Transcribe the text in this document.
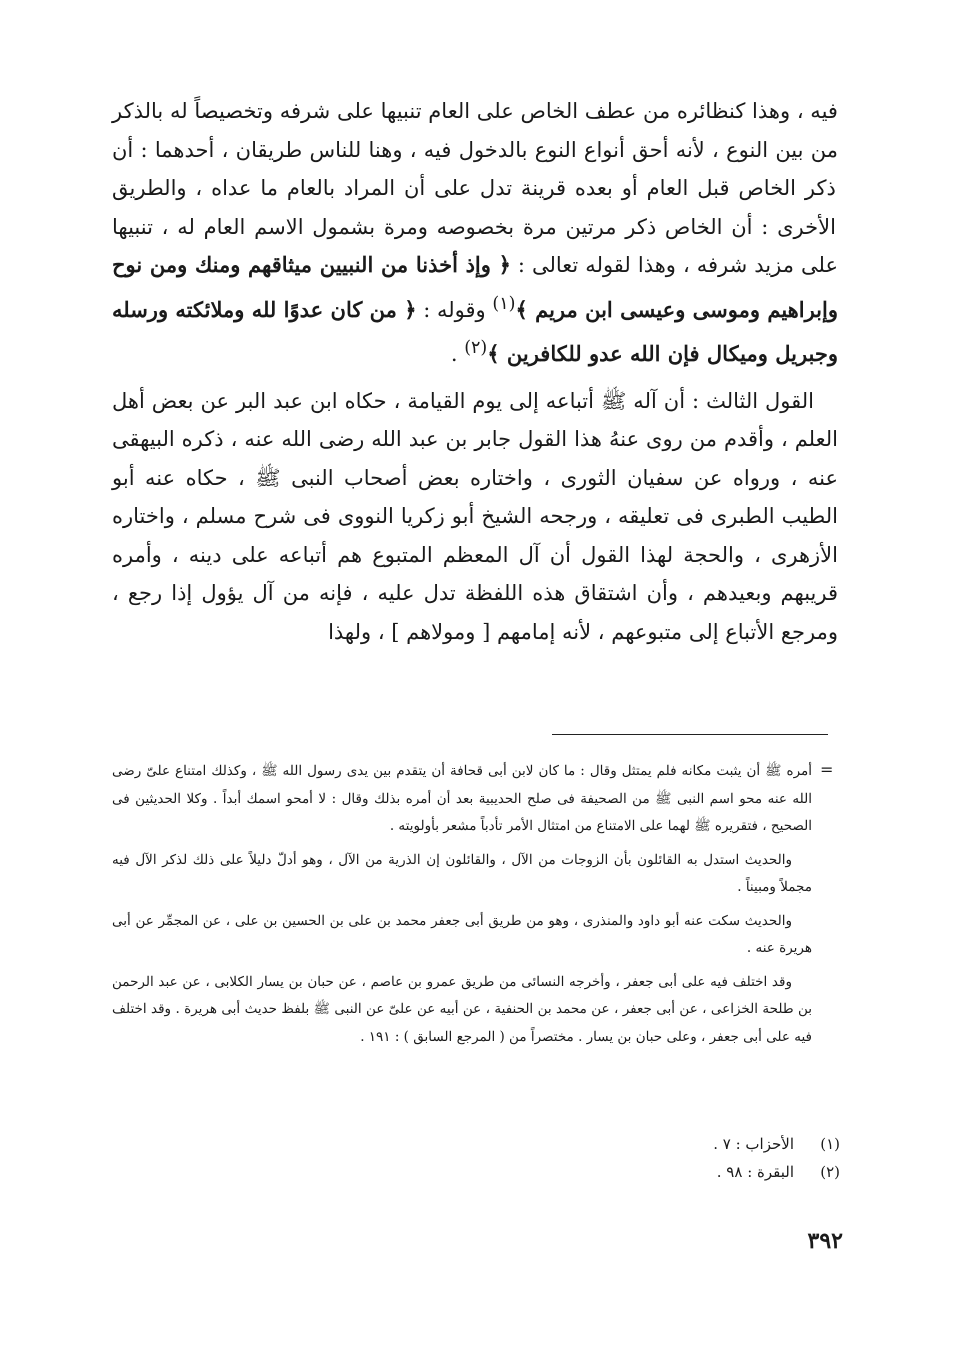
فيه ، وهذا كنظائره من عطف الخاص على العام تنبيها على شرفه وتخصيصاً له بالذكر من بين النوع ، لأنه أحق أنواع النوع بالدخول فيه ، وهنا للناس طريقان ، أحدهما : أن ذكر الخاص قبل العام أو بعده قرينة تدل على أن المراد بالعام ما عداه ، والطريق الأخرى : أن الخاص ذكر مرتين مرة بخصوصه ومرة بشمول الاسم العام له ، تنبيها على مزيد شرفه ، وهذا لقوله تعالى : ﴿ وإذ أخذنا من النبيين ميثاقهم ومنك ومن نوح وإبراهيم وموسى وعيسى ابن مريم ﴾$^{(١)}$ وقوله : ﴿ من كان عدوًا لله وملائكته ورسله وجبريل وميكال فإن الله عدو للكافرين ﴾$^{(٢)}$ .

القول الثالث : أن آله ﷺ أتباعه إلى يوم القيامة ، حكاه ابن عبد البر عن بعض أهل العلم ، وأقدم من روى عنهُ هذا القول جابر بن عبد الله رضى الله عنه ، ذكره البيهقى عنه ، ورواه عن سفيان الثورى ، واختاره بعض أصحاب النبى ﷺ ، حكاه عنه أبو الطيب الطبرى فى تعليقه ، ورجحه الشيخ أبو زكريا النووى فى شرح مسلم ، واختاره الأزهرى ، والحجة لهذا القول أن آل المعظم المتبوع هم أتباعه على دينه ، وأمره قريبهم وبعيدهم ، وأن اشتقاق هذه اللفظة تدل عليه ، فإنه من آل يؤول إذا رجع ، ومرجع الأتباع إلى متبوعهم ، لأنه إمامهم [ ومولاهم ] ، ولهذا

=

أمره ﷺ أن يثبت مكانه فلم يمتثل وقال : ما كان لابن أبى قحافة أن يتقدم بين يدى رسول الله ﷺ ، وكذلك امتناع علىّ رضى الله عنه محو اسم النبى ﷺ من الصحيفة فى صلح الحديبية بعد أن أمره بذلك وقال : لا أمحو اسمك أبداً . وكلا الحديثين فى الصحيح ، فتقريره ﷺ لهما على الامتناع من امتثال الأمر تأدباً مشعر بأولويته .

والحديث استدل به القائلون بأن الزوجات من الآل ، والقائلون إن الذرية من الآل ، وهو أدلّ دليلاً على ذلك لذكر الآل فيه مجملاً ومبيناً .

والحديث سكت عنه أبو داود والمنذرى ، وهو من طريق أبى جعفر محمد بن على بن الحسين بن على ، عن المجمِّر عن أبى هريرة عنه .

وقد اختلف فيه على أبى جعفر ، وأخرجه النسائى من طريق عمرو بن عاصم ، عن حبان بن يسار الكلابى ، عن عبد الرحمن بن طلحة الخزاعى ، عن أبى جعفر ، عن محمد بن الحنفية ، عن أبيه عن علىّ عن النبى ﷺ بلفظ حديث أبى هريرة . وقد اختلف فيه على أبى جعفر ، وعلى حبان بن يسار . مختصراً من ( المرجع السابق ) : ١٩١ .

(١)
الأحزاب : ٧ .
(٢)
البقرة : ٩٨ .
٣٩٢
